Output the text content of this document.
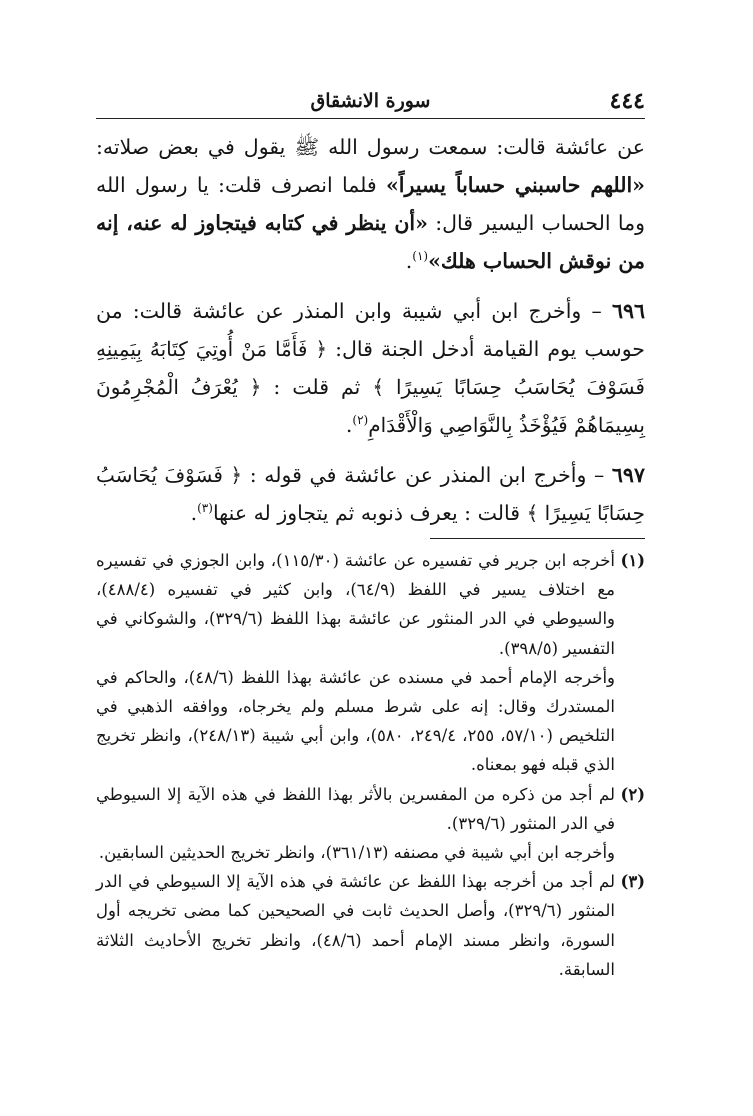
٤٤٤
سورة الانشقاق

عن عائشة قالت: سمعت رسول الله ﷺ يقول في بعض صلاته: «اللهم حاسبني حساباً يسيراً» فلما انصرف قلت: يا رسول الله وما الحساب اليسير قال: «أن ينظر في كتابه فيتجاوز له عنه، إنه من نوقش الحساب هلك»$^{(١)}$.

٦٩٦ – وأخرج ابن أبي شيبة وابن المنذر عن عائشة قالت: من حوسب يوم القيامة أدخل الجنة قال: ﴿ فَأَمَّا مَنْ أُوتِيَ كِتَابَهُ بِيَمِينِهِ فَسَوْفَ يُحَاسَبُ حِسَابًا يَسِيرًا ﴾ ثم قلت : ﴿ يُعْرَفُ الْمُجْرِمُونَ بِسِيمَاهُمْ فَيُؤْخَذُ بِالنَّوَاصِي وَالْأَقْدَامِ$^{(٢)}$.

٦٩٧ – وأخرج ابن المنذر عن عائشة في قوله : ﴿ فَسَوْفَ يُحَاسَبُ حِسَابًا يَسِيرًا ﴾ قالت : يعرف ذنوبه ثم يتجاوز له عنها$^{(٣)}$.

(١)

أخرجه ابن جرير في تفسيره عن عائشة (١١٥/٣٠)، وابن الجوزي في تفسيره مع اختلاف يسير في اللفظ (٦٤/٩)، وابن كثير في تفسيره (٤٨٨/٤)، والسيوطي في الدر المنثور عن عائشة بهذا اللفظ (٣٢٩/٦)، والشوكاني في التفسير (٣٩٨/٥).

وأخرجه الإمام أحمد في مسنده عن عائشة بهذا اللفظ (٤٨/٦)، والحاكم في المستدرك وقال: إنه على شرط مسلم ولم يخرجاه، ووافقه الذهبي في التلخيص (٥٧/١٠، ٢٥٥، ٢٤٩/٤، ٥٨٠)، وابن أبي شيبة (٢٤٨/١٣)، وانظر تخريج الذي قبله فهو بمعناه.

(٢)

لم أجد من ذكره من المفسرين بالأثر بهذا اللفظ في هذه الآية إلا السيوطي في الدر المنثور (٣٢٩/٦).

وأخرجه ابن أبي شيبة في مصنفه (٣٦١/١٣)، وانظر تخريج الحديثين السابقين.

(٣)

لم أجد من أخرجه بهذا اللفظ عن عائشة في هذه الآية إلا السيوطي في الدر المنثور (٣٢٩/٦)، وأصل الحديث ثابت في الصحيحين كما مضى تخريجه أول السورة، وانظر مسند الإمام أحمد (٤٨/٦)، وانظر تخريج الأحاديث الثلاثة السابقة.
